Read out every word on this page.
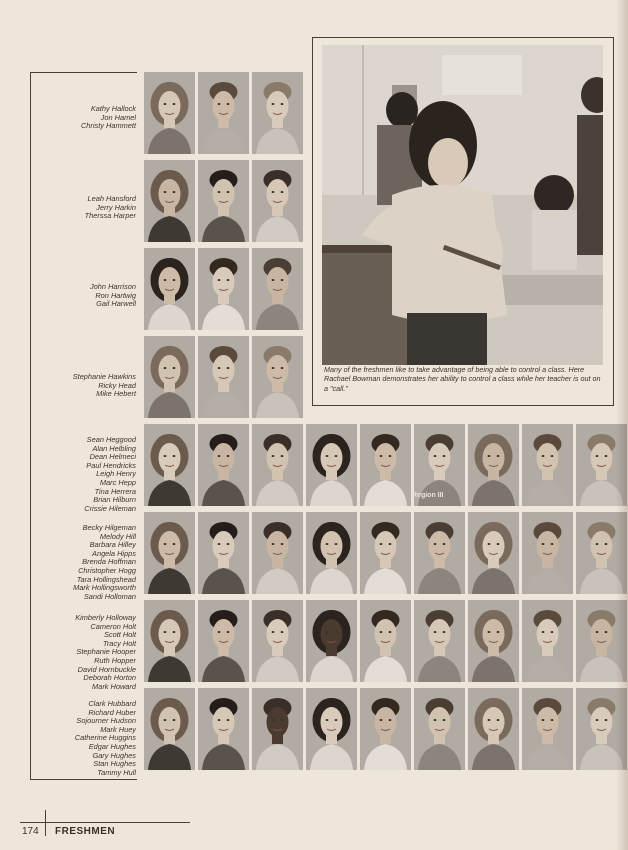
Kathy Hallock
Jon Hamel
Christy Hammett
Leah Hansford
Jerry Harkin
Therssa Harper
John Harrison
Ron Hartwig
Gail Harwell
Stephanie Hawkins
Ricky Head
Mike Hebert
Sean Heggood
Alan Helbling
Dean Helmeci
Paul Hendricks
Leigh Henry
Marc Hepp
Tina Herrera
Brian Hilburn
Crissie Hileman
Becky Hilgeman
Melody Hill
Barbara Hilley
Angela Hipps
Brenda Hoffman
Christopher Hogg
Tara Hollingshead
Mark Hollingsworth
Sandi Holloman
Kimberly Holloway
Cameron Holt
Scott Holt
Tracy Holt
Stephanie Hooper
Ruth Hopper
David Hornbuckle
Deborah Horton
Mark Howard
Clark Hubbard
Richard Huber
Sojourner Hudson
Mark Huey
Catherine Huggins
Edgar Hughes
Gary Hughes
Stan Hughes
Tammy Hull
Region III
Many of the freshmen like to take advantage of being able to control a class. Here Rachael Bowman demonstrates her ability to control a class while her teacher is out on a "call."
174 FRESHMEN
